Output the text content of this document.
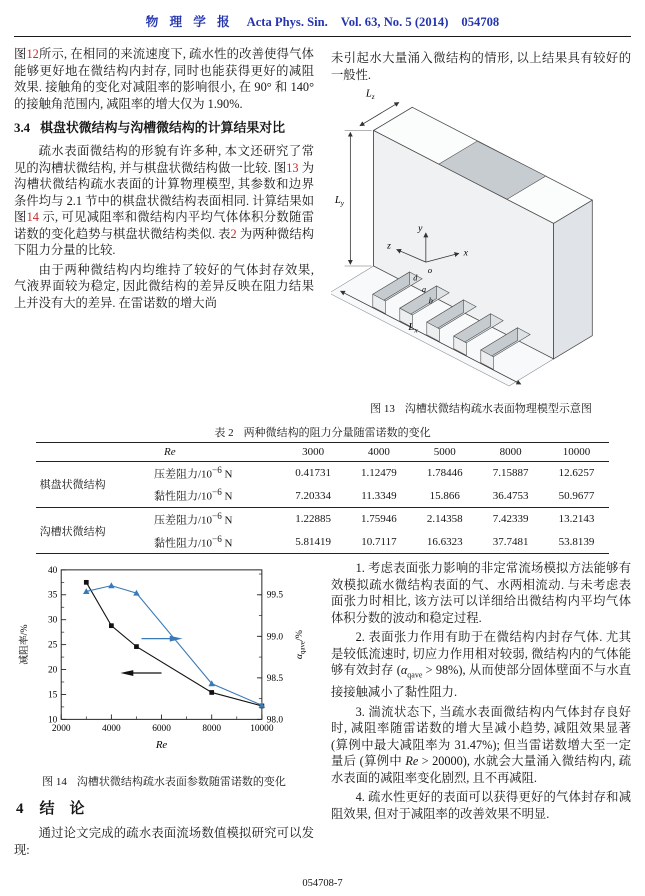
物 理 学 报 Acta Phys. Sin. Vol. 63, No. 5 (2014) 054708

图12所示, 在相同的来流速度下, 疏水性的改善使得气体能够更好地在微结构内封存, 同时也能获得更好的减阻效果. 接触角的变化对减阻率的影响很小, 在 90° 和 140° 的接触角范围内, 减阻率的增大仅为 1.90%.

3.4 棋盘状微结构与沟槽微结构的计算结果对比

疏水表面微结构的形貌有许多种, 本文还研究了常见的沟槽状微结构, 并与棋盘状微结构做一比较. 图13 为沟槽状微结构疏水表面的计算物理模型, 其参数和边界条件均与 2.1 节中的棋盘状微结构表面相同. 计算结果如图14 示, 可见减阻率和微结构内平均气体体积分数随雷诺数的变化趋势与棋盘状微结构类似. 表2 为两种微结构下阻力分量的比较.

由于两种微结构内均维持了较好的气体封存效果, 气液界面较为稳定, 因此微结构的差异反映在阻力结果上并没有大的差异. 在雷诺数的增大尚

未引起水大量涌入微结构的情形, 以上结果具有较好的一般性.

$L_y$
$L_z$
$L_x$
y
z
x
o
d
a
b
图 13 沟槽状微结构疏水表面物理模型示意图
表 2 两种微结构的阻力分量随雷诺数的变化
	Re	3000	4000	5000	8000	10000
棋盘状微结构	压差阻力$/10^{-6}$ N	0.41731	1.12479	1.78446	7.15887	12.6257
	黏性阻力$/10^{-6}$ N	7.20334	11.3349	15.866	36.4753	50.9677
沟槽状微结构	压差阻力$/10^{-6}$ N	1.22885	1.75946	2.14358	7.42339	13.2143
	黏性阻力$/10^{-6}$ N	5.81419	10.7117	16.6323	37.7481	53.8139
2000	4000	6000	8000	10000
10
15
20
25
30
35
40
98.0
98.5
99.0
99.5
Re
减阻率/%	$\alpha_{qave}/\%$
图 14 沟槽状微结构疏水表面参数随雷诺数的变化
4 结　论

通过论文完成的疏水表面流场数值模拟研究可以发现:

1. 考虑表面张力影响的非定常流场模拟方法能够有效模拟疏水微结构表面的气、水两相流动. 与未考虑表面张力时相比, 该方法可以详细给出微结构内平均气体体积分数的波动和稳定过程.

2. 表面张力作用有助于在微结构内封存气体. 尤其是较低流速时, 切应力作用相对较弱, 微结构内的气体能够有效封存 $(\alpha_{qave} > 98\%)$, 从而使部分固体壁面不与水直接接触减小了黏性阻力.

3. 湍流状态下, 当疏水表面微结构内气体封存良好时, 减阻率随雷诺数的增大呈减小趋势, 减阻效果显著 (算例中最大减阻率为 31.47%); 但当雷诺数增大至一定量后 (算例中 Re > 20000), 水就会大量涌入微结构内, 疏水表面的减阻率变化剧烈, 且不再减阻.

4. 疏水性更好的表面可以获得更好的气体封存和减阻效果, 但对于减阻率的改善效果不明显.

054708-7
